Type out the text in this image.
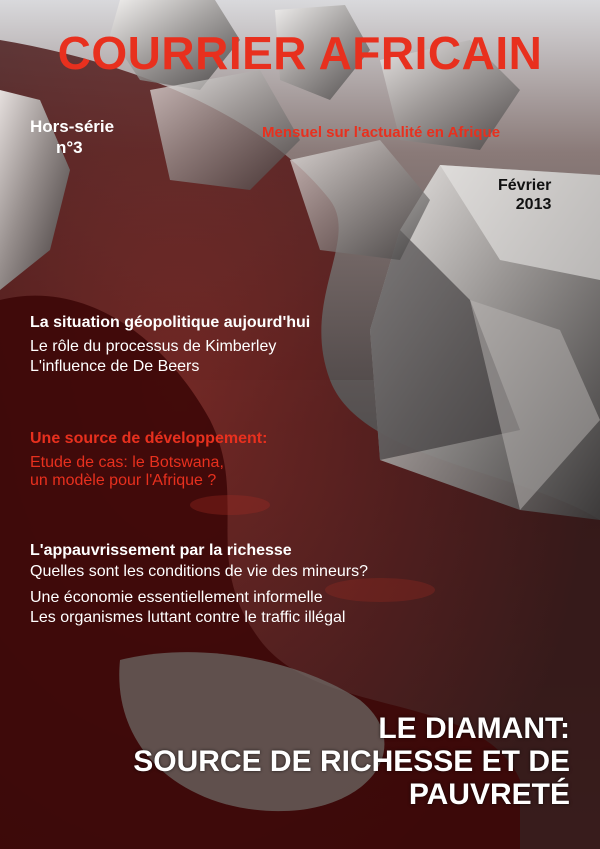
COURRIER AFRICAIN
Hors-série
n°3
Mensuel sur l'actualité en Afrique
Février
2013
La situation géopolitique aujourd'hui
Le rôle du processus de Kimberley
L'influence de De Beers
Une source de développement:
Etude de cas: le Botswana,
un modèle pour l'Afrique ?
L'appauvrissement par la richesse
Quelles sont les conditions de vie des mineurs?
Une économie essentiellement informelle
Les organismes luttant contre le traffic illégal
LE DIAMANT:
SOURCE DE RICHESSE ET DE
PAUVRETÉ
